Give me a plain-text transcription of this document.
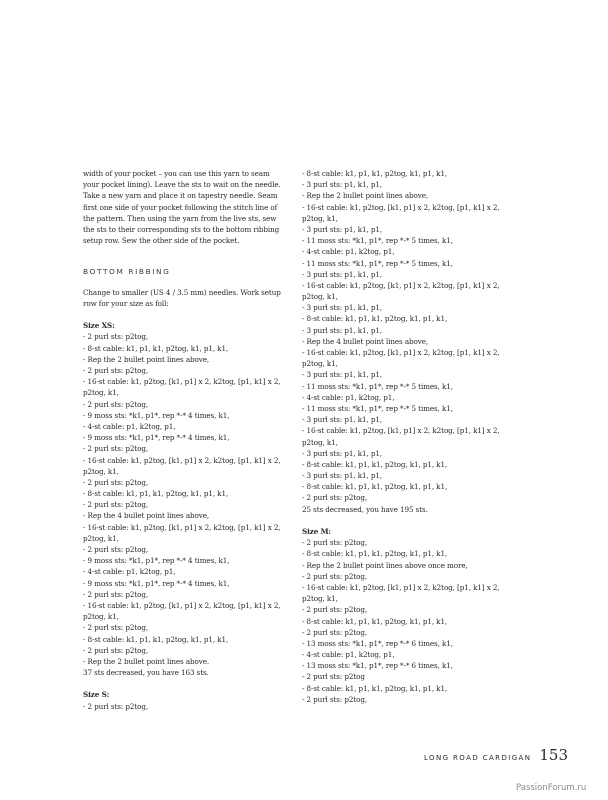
width of your pocket – you can use this yarn to seam
your pocket lining). Leave the sts to wait on the needle.
Take a new yarn and place it on tapestry needle. Seam
first one side of your pocket following the stitch line of
the pattern. Then using the yarn from the live sts, sew
the sts to their corresponding sts to the bottom ribbing
setup row. Sew the other side of the pocket.
BOTTOM RIBBING
Change to smaller (US 4 / 3.5 mm) needles. Work setup
row for your size as foll:
Size XS:
- 2 purl sts: p2tog,
- 8-st cable: k1, p1, k1, p2tog, k1, p1, k1,
- Rep the 2 bullet point lines above,
- 2 purl sts: p2tog,
- 16-st cable: k1, p2tog, [k1, p1] x 2, k2tog, [p1, k1] x 2,
p2tog, k1,
- 2 purl sts: p2tog,
- 9 moss sts: *k1, p1*, rep *-* 4 times, k1,
- 4-st cable: p1, k2tog, p1,
- 9 moss sts: *k1, p1*, rep *-* 4 times, k1,
- 2 purl sts: p2tog,
- 16-st cable: k1, p2tog, [k1, p1] x 2, k2tog, [p1, k1] x 2,
p2tog, k1,
- 2 purl sts: p2tog,
- 8-st cable: k1, p1, k1, p2tog, k1, p1, k1,
- 2 purl sts: p2tog,
- Rep the 4 bullet point lines above,
- 16-st cable: k1, p2tog, [k1, p1] x 2, k2tog, [p1, k1] x 2,
p2tog, k1,
- 2 purl sts: p2tog,
- 9 moss sts: *k1, p1*, rep *-* 4 times, k1,
- 4-st cable: p1, k2tog, p1,
- 9 moss sts: *k1, p1*, rep *-* 4 times, k1,
- 2 purl sts: p2tog,
- 16-st cable: k1, p2tog, [k1, p1] x 2, k2tog, [p1, k1] x 2,
p2tog, k1,
- 2 purl sts: p2tog,
- 8-st cable: k1, p1, k1, p2tog, k1, p1, k1,
- 2 purl sts: p2tog,
- Rep the 2 bullet point lines above.
37 sts decreased, you have 163 sts.
Size S:
- 2 purl sts: p2tog,
- 8-st cable: k1, p1, k1, p2tog, k1, p1, k1,
- 3 purl sts: p1, k1, p1,
- Rep the 2 bullet point lines above,
- 16-st cable: k1, p2tog, [k1, p1] x 2, k2tog, [p1, k1] x 2,
p2tog, k1,
- 3 purl sts: p1, k1, p1,
- 11 moss sts: *k1, p1*, rep *-* 5 times, k1,
- 4-st cable: p1, k2tog, p1,
- 11 moss sts: *k1, p1*, rep *-* 5 times, k1,
- 3 purl sts: p1, k1, p1,
- 16-st cable: k1, p2tog, [k1, p1] x 2, k2tog, [p1, k1] x 2,
p2tog, k1,
- 3 purl sts: p1, k1, p1,
- 8-st cable: k1, p1, k1, p2tog, k1, p1, k1,
- 3 purl sts: p1, k1, p1,
- Rep the 4 bullet point lines above,
- 16-st cable: k1, p2tog, [k1, p1] x 2, k2tog, [p1, k1] x 2,
p2tog, k1,
- 3 purl sts: p1, k1, p1,
- 11 moss sts: *k1, p1*, rep *-* 5 times, k1,
- 4-st cable: p1, k2tog, p1,
- 11 moss sts: *k1, p1*, rep *-* 5 times, k1,
- 3 purl sts: p1, k1, p1,
- 16-st cable: k1, p2tog, [k1, p1] x 2, k2tog, [p1, k1] x 2,
p2tog, k1,
- 3 purl sts: p1, k1, p1,
- 8-st cable: k1, p1, k1, p2tog, k1, p1, k1,
- 3 purl sts: p1, k1, p1,
- 8-st cable: k1, p1, k1, p2tog, k1, p1, k1,
- 2 purl sts: p2tog,
25 sts decreased, you have 195 sts.
Size M:
- 2 purl sts: p2tog,
- 8-st cable: k1, p1, k1, p2tog, k1, p1, k1,
- Rep the 2 bullet point lines above once more,
- 2 purl sts: p2tog,
- 16-st cable: k1, p2tog, [k1, p1] x 2, k2tog, [p1, k1] x 2,
p2tog, k1,
- 2 purl sts: p2tog,
- 8-st cable: k1, p1, k1, p2tog, k1, p1, k1,
- 2 purl sts: p2tog,
- 13 moss sts: *k1, p1*, rep *-* 6 times, k1,
- 4-st cable: p1, k2tog, p1,
- 13 moss sts: *k1, p1*, rep *-* 6 times, k1,
- 2 purl sts: p2tog
- 8-st cable: k1, p1, k1, p2tog, k1, p1, k1,
- 2 purl sts: p2tog,
LONG ROAD CARDIGAN 153
PassionForum.ru
